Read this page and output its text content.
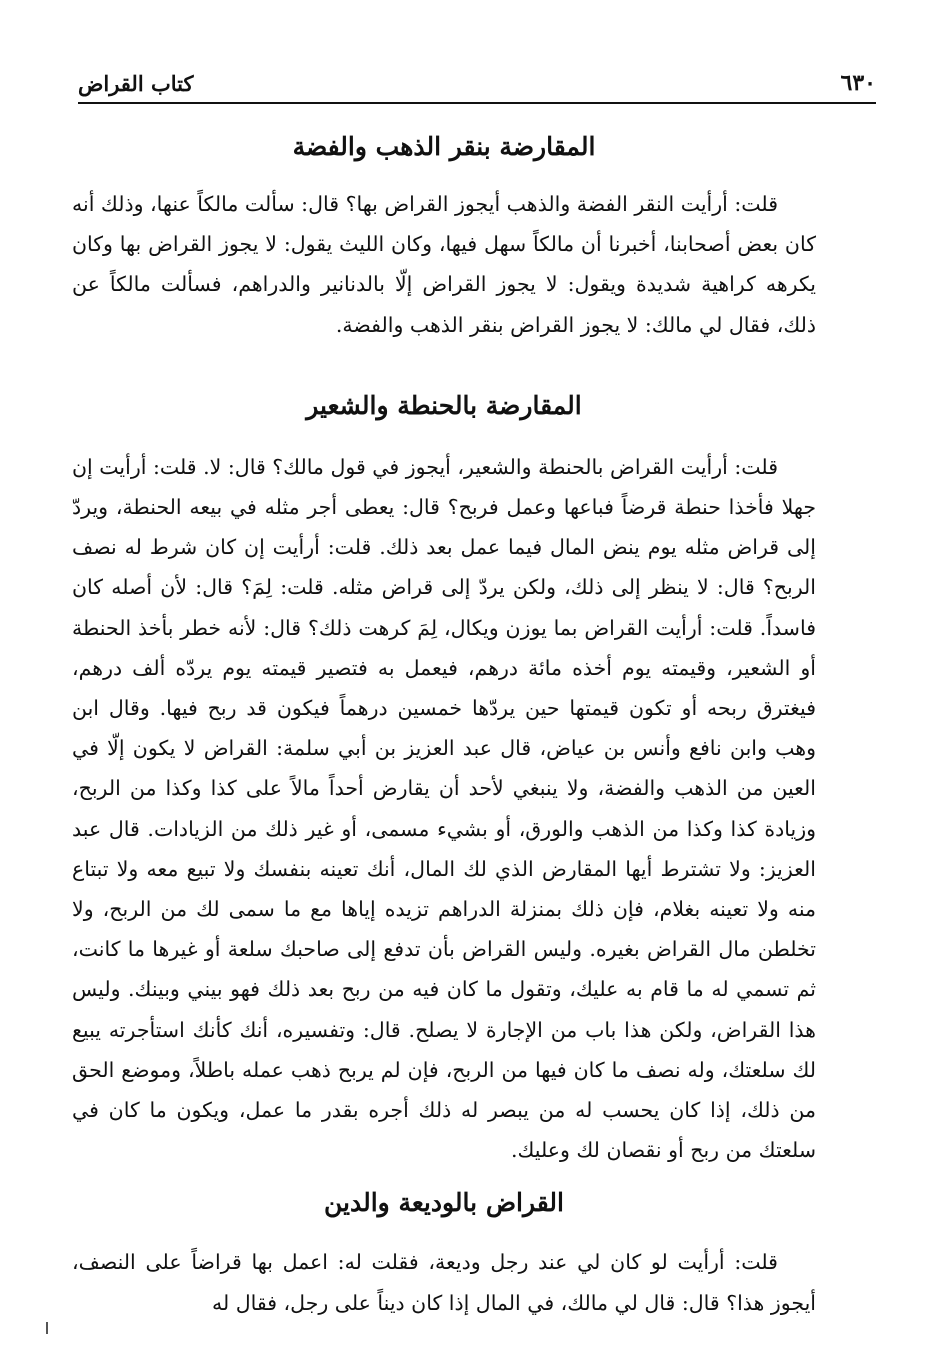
٦٣٠
كتاب القراض
المقارضة بنقر الذهب والفضة

قلت: أرأيت النقر الفضة والذهب أيجوز القراض بها؟ قال: سألت مالكاً عنها، وذلك أنه كان بعض أصحابنا، أخبرنا أن مالكاً سهل فيها، وكان الليث يقول: لا يجوز القراض بها وكان يكرهه كراهية شديدة ويقول: لا يجوز القراض إلّا بالدنانير والدراهم، فسألت مالكاً عن ذلك، فقال لي مالك: لا يجوز القراض بنقر الذهب والفضة.

المقارضة بالحنطة والشعير

قلت: أرأيت القراض بالحنطة والشعير، أيجوز في قول مالك؟ قال: لا. قلت: أرأيت إن جهلا فأخذا حنطة قرضاً فباعها وعمل فربح؟ قال: يعطى أجر مثله في بيعه الحنطة، ويردّ إلى قراض مثله يوم ينض المال فيما عمل بعد ذلك. قلت: أرأيت إن كان شرط له نصف الربح؟ قال: لا ينظر إلى ذلك، ولكن يردّ إلى قراض مثله. قلت: لِمَ؟ قال: لأن أصله كان فاسداً. قلت: أرأيت القراض بما يوزن ويكال، لِمَ كرهت ذلك؟ قال: لأنه خطر بأخذ الحنطة أو الشعير، وقيمته يوم أخذه مائة درهم، فيعمل به فتصير قيمته يوم يردّه ألف درهم، فيغترق ربحه أو تكون قيمتها حين يردّها خمسين درهماً فيكون قد ربح فيها. وقال ابن وهب وابن نافع وأنس بن عياض، قال عبد العزيز بن أبي سلمة: القراض لا يكون إلّا في العين من الذهب والفضة، ولا ينبغي لأحد أن يقارض أحداً مالاً على كذا وكذا من الربح، وزيادة كذا وكذا من الذهب والورق، أو بشيء مسمى، أو غير ذلك من الزيادات. قال عبد العزيز: ولا تشترط أيها المقارض الذي لك المال، أنك تعينه بنفسك ولا تبيع معه ولا تبتاع منه ولا تعينه بغلام، فإن ذلك بمنزلة الدراهم تزيده إياها مع ما سمى لك من الربح، ولا تخلطن مال القراض بغيره. وليس القراض بأن تدفع إلى صاحبك سلعة أو غيرها ما كانت، ثم تسمي له ما قام به عليك، وتقول ما كان فيه من ربح بعد ذلك فهو بيني وبينك. وليس هذا القراض، ولكن هذا باب من الإجارة لا يصلح. قال: وتفسيره، أنك كأنك استأجرته يبيع لك سلعتك، وله نصف ما كان فيها من الربح، فإن لم يربح ذهب عمله باطلاً، وموضع الحق من ذلك، إذا كان يحسب له من يبصر له ذلك أجره بقدر ما عمل، ويكون ما كان في سلعتك من ربح أو نقصان لك وعليك.

القراض بالوديعة والدين

قلت: أرأيت لو كان لي عند رجل وديعة، فقلت له: اعمل بها قراضاً على النصف، أيجوز هذا؟ قال: قال لي مالك، في المال إذا كان ديناً على رجل، فقال له
